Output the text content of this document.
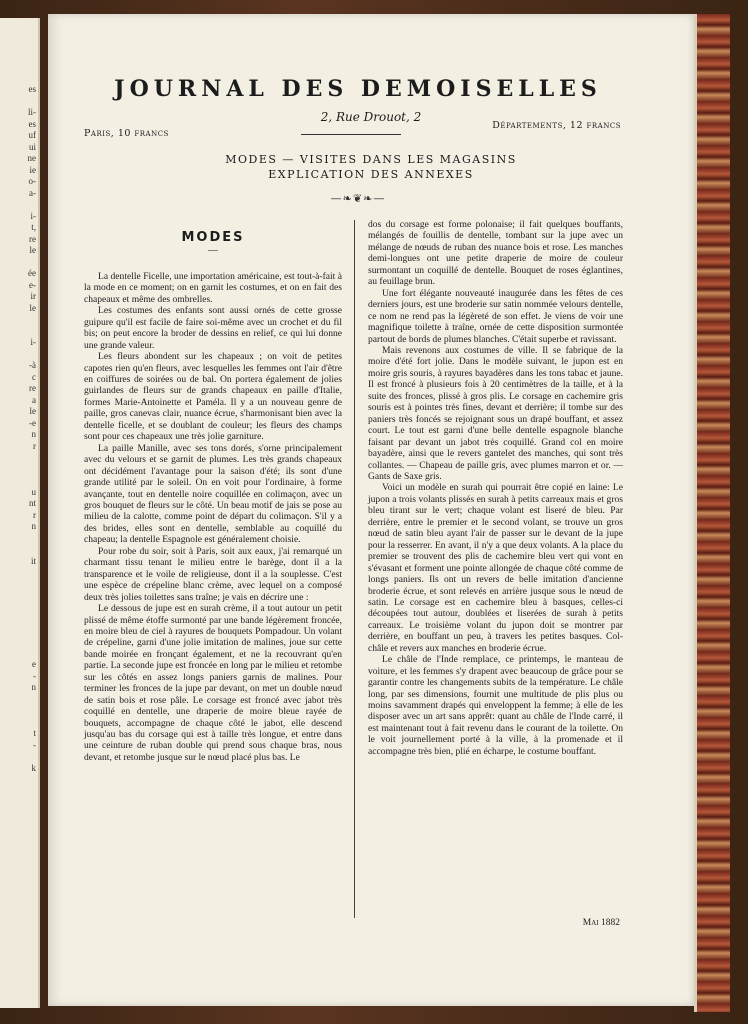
es

li-
es
uf
ui
ne
ie
o-
a-

i-
t,
re
le

ée
e-
ir
le

i-

-à
c
re
a
le
-e
n
r

u
nt
r
n

it

e
-
n

t
-

k
JOURNAL DES DEMOISELLES
Départements, 12 francs
2, Rue Drouot, 2
Paris, 10 francs
MODES — VISITES DANS LES MAGASINS
EXPLICATION DES ANNEXES
—❧❦❧—
MODES
—

La dentelle Ficelle, une importation américaine, est tout-à-fait à la mode en ce moment; on en garnit les costumes, et on en fait des chapeaux et même des ombrelles.

Les costumes des enfants sont aussi ornés de cette grosse guipure qu'il est facile de faire soi-même avec un crochet et du fil bis; on peut encore la broder de dessins en relief, ce qui lui donne une grande valeur.

Les fleurs abondent sur les chapeaux ; on voit de petites capotes rien qu'en fleurs, avec lesquelles les femmes ont l'air d'être en coiffures de soirées ou de bal. On portera également de jolies guirlandes de fleurs sur de grands chapeaux en paille d'Italie, formes Marie-Antoinette et Paméla. Il y a un nouveau genre de paille, gros canevas clair, nuance écrue, s'harmonisant bien avec la dentelle ficelle, et se doublant de couleur; les fleurs des champs sont pour ces chapeaux une très jolie garniture.

La paille Manille, avec ses tons dorés, s'orne principalement avec du velours et se garnit de plumes. Les très grands chapeaux ont décidément l'avantage pour la saison d'été; ils sont d'une grande utilité par le soleil. On en voit pour l'ordinaire, à forme avançante, tout en dentelle noire coquillée en colimaçon, avec un gros bouquet de fleurs sur le côté. Un beau motif de jais se pose au milieu de la calotte, comme point de départ du colimaçon. S'il y a des brides, elles sont en dentelle, semblable au coquillé du chapeau; la dentelle Espagnole est généralement choisie.

Pour robe du soir, soit à Paris, soit aux eaux, j'ai remarqué un charmant tissu tenant le milieu entre le barège, dont il a la transparence et le voile de religieuse, dont il a la souplesse. C'est une espèce de crépeline blanc crème, avec lequel on a composé deux très jolies toilettes sans traîne; je vais en décrire une :

Le dessous de jupe est en surah crème, il a tout autour un petit plissé de même étoffe surmonté par une bande légèrement froncée, en moire bleu de ciel à rayures de bouquets Pompadour. Un volant de crépeline, garni d'une jolie imitation de malines, joue sur cette bande moirée en fronçant également, et ne la recouvrant qu'en partie. La seconde jupe est froncée en long par le milieu et retombe sur les côtés en assez longs paniers garnis de malines. Pour terminer les fronces de la jupe par devant, on met un double nœud de satin bois et rose pâle. Le corsage est froncé avec jabot très coquillé en dentelle, une draperie de moire bleue rayée de bouquets, accompagne de chaque côté le jabot, elle descend jusqu'au bas du corsage qui est à taille très longue, et entre dans une ceinture de ruban double qui prend sous chaque bras, nous devant, et retombe jusque sur le nœud placé plus bas. Le

dos du corsage est forme polonaise; il fait quelques bouffants, mélangés de fouillis de dentelle, tombant sur la jupe avec un mélange de nœuds de ruban des nuance bois et rose. Les manches demi-longues ont une petite draperie de moire de couleur surmontant un coquillé de dentelle. Bouquet de roses églantines, au feuillage brun.

Une fort élégante nouveauté inaugurée dans les fêtes de ces derniers jours, est une broderie sur satin nommée velours dentelle, ce nom ne rend pas la légèreté de son effet. Je viens de voir une magnifique toilette à traîne, ornée de cette disposition surmontée partout de bords de plumes blanches. C'était superbe et ravissant.

Mais revenons aux costumes de ville. Il se fabrique de la moire d'été fort jolie. Dans le modèle suivant, le jupon est en moire gris souris, à rayures bayadères dans les tons tabac et jaune. Il est froncé à plusieurs fois à 20 centimètres de la taille, et à la suite des fronces, plissé à gros plis. Le corsage en cachemire gris souris est à pointes très fines, devant et derrière; il tombe sur des paniers très foncés se rejoignant sous un drapé bouffant, et assez court. Le tout est garni d'une belle dentelle espagnole blanche faisant par devant un jabot très coquillé. Grand col en moire bayadère, ainsi que le revers gantelet des manches, qui sont très collantes. — Chapeau de paille gris, avec plumes marron et or. — Gants de Saxe gris.

Voici un modèle en surah qui pourrait être copié en laine: Le jupon a trois volants plissés en surah à petits carreaux mais et gros bleu tirant sur le vert; chaque volant est liseré de bleu. Par derrière, entre le premier et le second volant, se trouve un gros nœud de satin bleu ayant l'air de passer sur le devant de la jupe pour la resserrer. En avant, il n'y a que deux volants. A la place du premier se trouvent des plis de cachemire bleu vert qui vont en s'évasant et forment une pointe allongée de chaque côté comme de longs paniers. Ils ont un revers de belle imitation d'ancienne broderie écrue, et sont relevés en arrière jusque sous le nœud de satin. Le corsage est en cachemire bleu à basques, celles-ci découpées tout autour, doublées et liserées de surah à petits carreaux. Le troisième volant du jupon doit se montrer par derrière, en bouffant un peu, à travers les petites basques. Col-châle et revers aux manches en broderie écrue.

Le châle de l'Inde remplace, ce printemps, le manteau de voiture, et les femmes s'y drapent avec beaucoup de grâce pour se garantir contre les changements subits de la température. Le châle long, par ses dimensions, fournit une multitude de plis plus ou moins savamment drapés qui enveloppent la femme; à elle de les disposer avec un art sans apprêt: quant au châle de l'Inde carré, il est maintenant tout à fait revenu dans le courant de la toilette. On le voit journellement porté à la ville, à la promenade et il accompagne très bien, plié en écharpe, le costume bouffant.

Mai 1882
